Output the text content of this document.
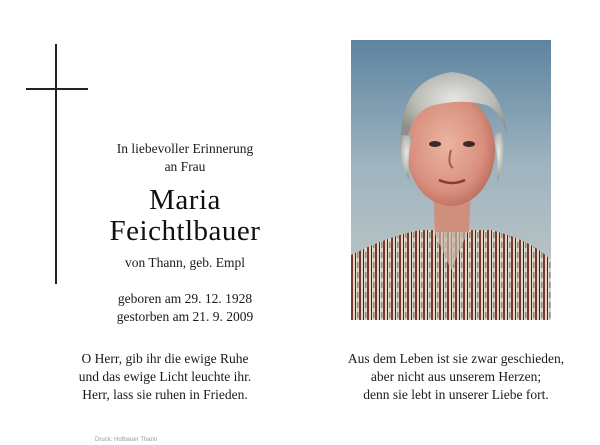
In liebevoller Erinnerung
an Frau
Maria
Feichtlbauer
von Thann, geb. Empl
geboren am 29. 12. 1928
gestorben am 21. 9. 2009
O Herr, gib ihr die ewige Ruhe
und das ewige Licht leuchte ihr.
Herr, lass sie ruhen in Frieden.
Aus dem Leben ist sie zwar geschieden,
aber nicht aus unserem Herzen;
denn sie lebt in unserer Liebe fort.
Druck: Hofbauer Thann
